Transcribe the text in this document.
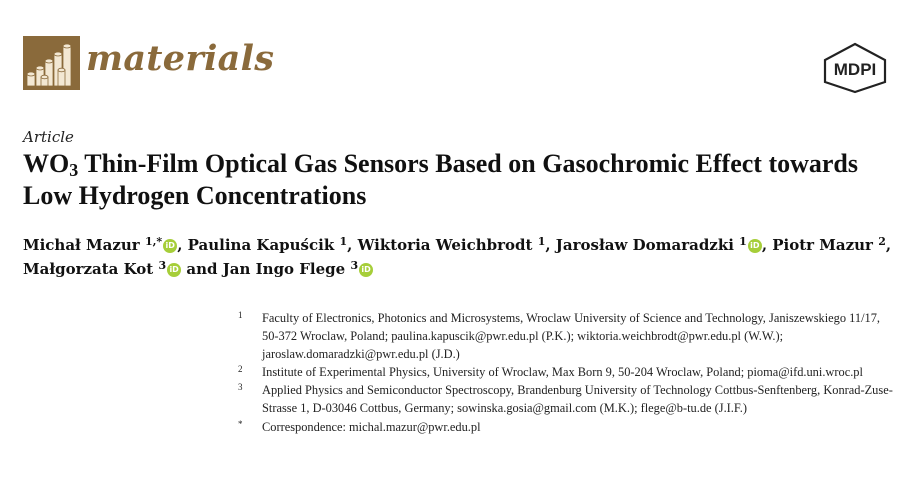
materials	MDPI
Article
$WO_3$ Thin-Film Optical Gas Sensors Based on Gasochromic Effect towards Low Hydrogen Concentrations
Michał Mazur $^{1,*}$ iD , Paulina Kapuścik $^1$, Wiktoria Weichbrodt $^1$, Jarosław Domaradzki $^1$ iD , Piotr Mazur $^2$,
Małgorzata Kot $^3$ iD and Jan Ingo Flege $^3$ iD

1 Faculty of Electronics, Photonics and Microsystems, Wroclaw University of Science and Technology, Janiszewskiego 11/17, 50-372 Wroclaw, Poland; paulina.kapuscik@pwr.edu.pl (P.K.); wiktoria.weichbrodt@pwr.edu.pl (W.W.); jaroslaw.domaradzki@pwr.edu.pl (J.D.)

2 Institute of Experimental Physics, University of Wroclaw, Max Born 9, 50-204 Wroclaw, Poland; pioma@ifd.uni.wroc.pl

3 Applied Physics and Semiconductor Spectroscopy, Brandenburg University of Technology Cottbus-Senftenberg, Konrad-Zuse-Strasse 1, D-03046 Cottbus, Germany; sowinska.gosia@gmail.com (M.K.); flege@b-tu.de (J.I.F.)

* Correspondence: michal.mazur@pwr.edu.pl
